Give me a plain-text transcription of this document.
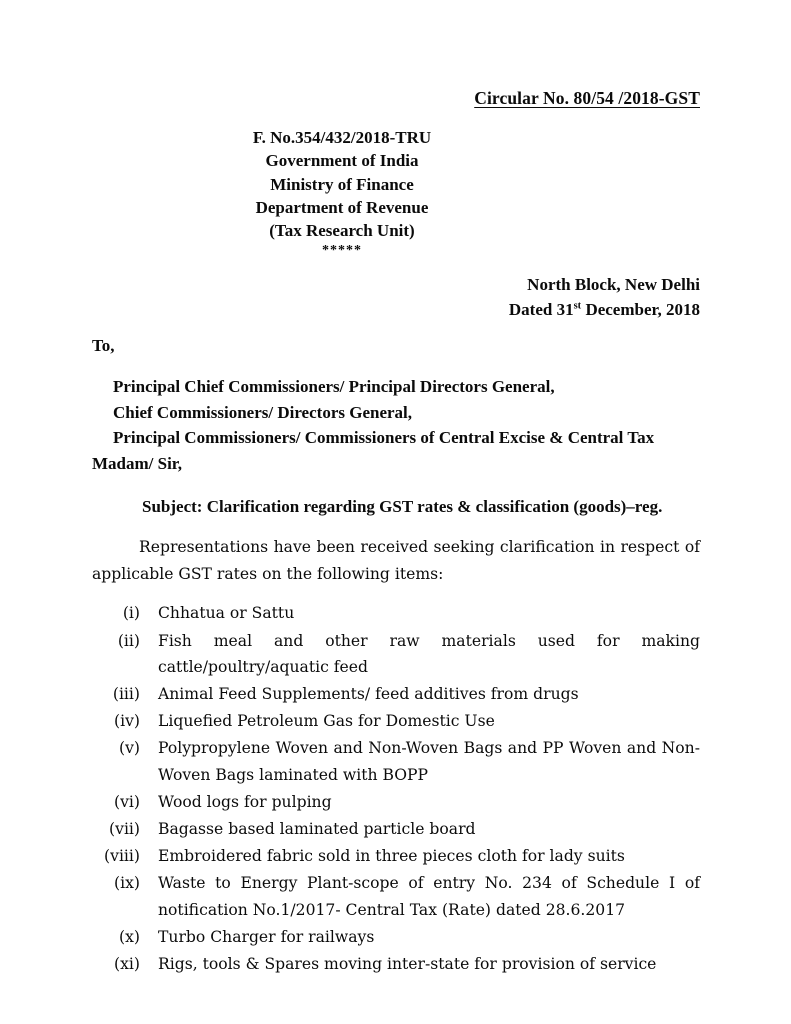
Circular No. 80/54 /2018-GST
F. No.354/432/2018-TRU
Government of India
Ministry of Finance
Department of Revenue
(Tax Research Unit)
*****
North Block, New Delhi
Dated 31st December, 2018
To,
Principal Chief Commissioners/ Principal Directors General,
Chief Commissioners/ Directors General,
Principal Commissioners/ Commissioners of Central Excise & Central Tax
Madam/ Sir,
Subject: Clarification regarding GST rates & classification (goods)–reg.
Representations have been received seeking clarification in respect of applicable GST rates on the following items:
(i)	Chhatua or Sattu
(ii)	Fish meal and other raw materials used for making cattle/poultry/aquatic feed
(iii)	Animal Feed Supplements/ feed additives from drugs
(iv)	Liquefied Petroleum Gas for Domestic Use
(v)	Polypropylene Woven and Non-Woven Bags and PP Woven and Non-Woven Bags laminated with BOPP
(vi)	Wood logs for pulping
(vii)	Bagasse based laminated particle board
(viii)	Embroidered fabric sold in three pieces cloth for lady suits
(ix)	Waste to Energy Plant-scope of entry No. 234 of Schedule I of notification No.1/2017- Central Tax (Rate) dated 28.6.2017
(x)	Turbo Charger for railways
(xi)	Rigs, tools & Spares moving inter-state for provision of service
